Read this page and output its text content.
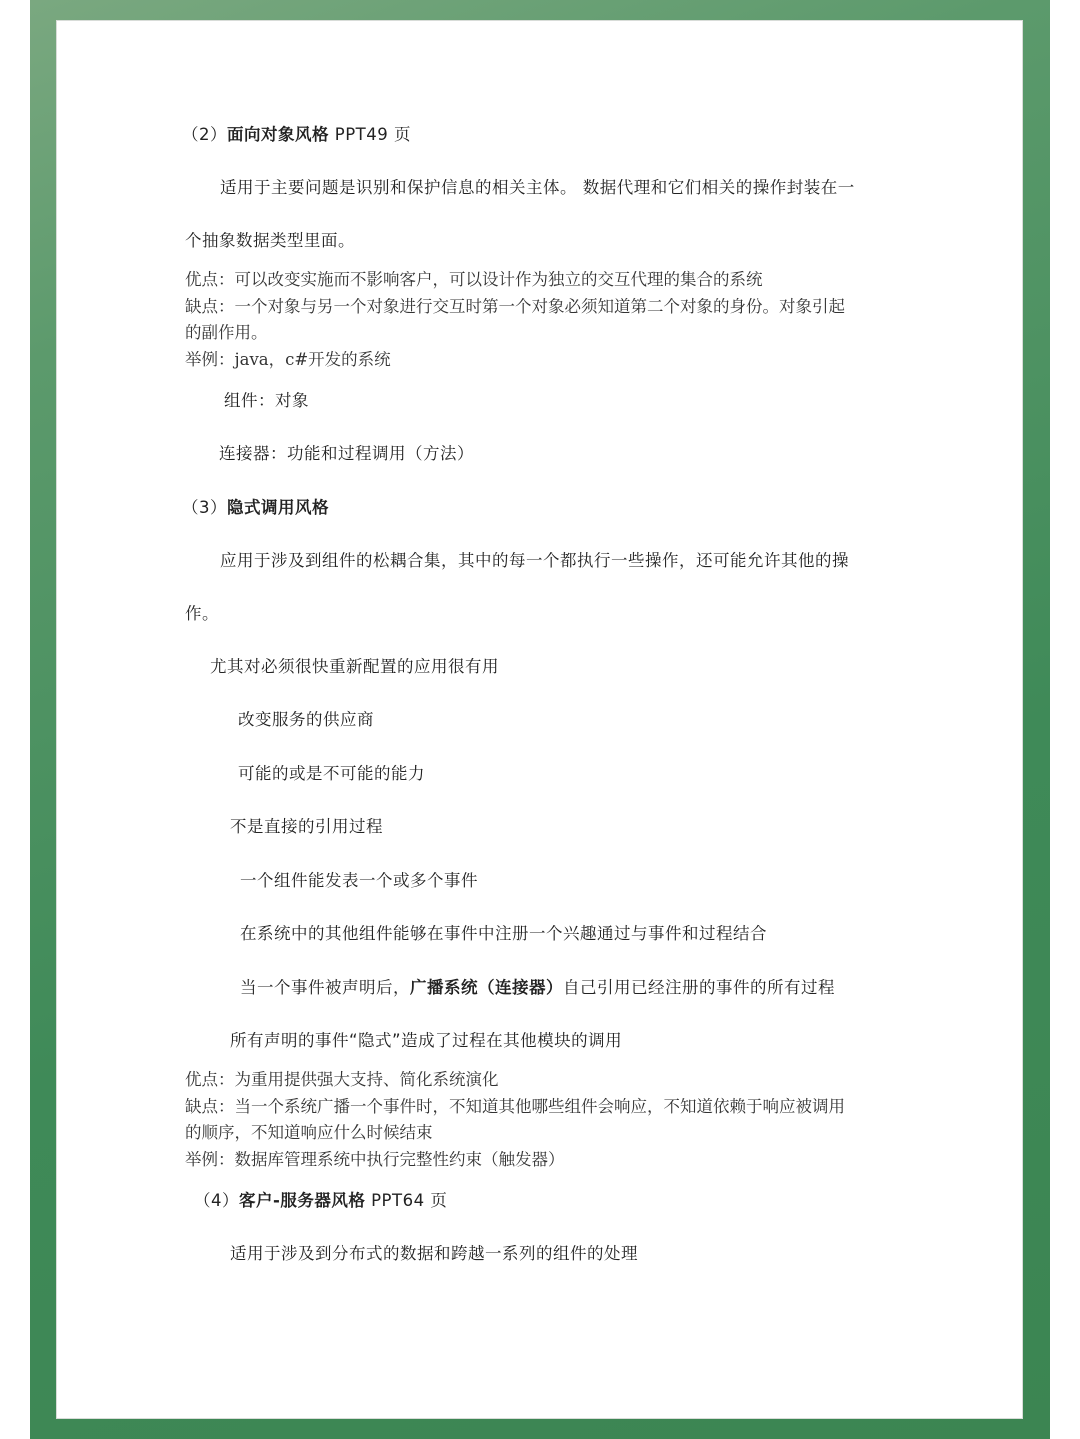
（2）面向对象风格 PPT49 页
适用于主要问题是识别和保护信息的相关主体。 数据代理和它们相关的操作封装在一
个抽象数据类型里面。
优点：可以改变实施而不影响客户，可以设计作为独立的交互代理的集合的系统
缺点：一个对象与另一个对象进行交互时第一个对象必须知道第二个对象的身份。对象引起
的副作用。
举例：java，c#开发的系统
组件：对象
连接器：功能和过程调用（方法）
（3）隐式调用风格
应用于涉及到组件的松耦合集，其中的每一个都执行一些操作，还可能允许其他的操
作。
尤其对必须很快重新配置的应用很有用
改变服务的供应商
可能的或是不可能的能力
不是直接的引用过程
一个组件能发表一个或多个事件
在系统中的其他组件能够在事件中注册一个兴趣通过与事件和过程结合
当一个事件被声明后，广播系统（连接器）自己引用已经注册的事件的所有过程
所有声明的事件“隐式”造成了过程在其他模块的调用
优点：为重用提供强大支持、简化系统演化
缺点：当一个系统广播一个事件时，不知道其他哪些组件会响应，不知道依赖于响应被调用
的顺序，不知道响应什么时候结束
举例：数据库管理系统中执行完整性约束（触发器）
（4）客户-服务器风格 PPT64 页
适用于涉及到分布式的数据和跨越一系列的组件的处理
